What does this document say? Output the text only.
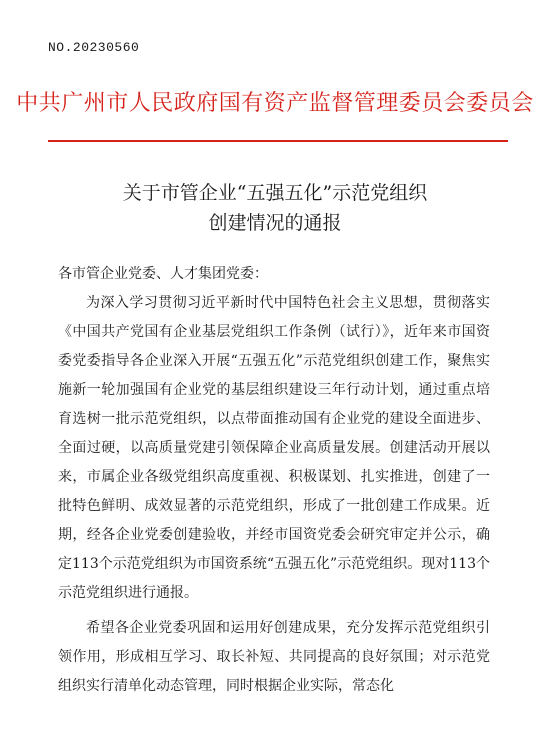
NO.20230560
中共广州市人民政府国有资产监督管理委员会委员会
关于市管企业“五强五化”示范党组织
创建情况的通报

各市管企业党委、人才集团党委：

为深入学习贯彻习近平新时代中国特色社会主义思想，贯彻落实《中国共产党国有企业基层党组织工作条例（试行）》，近年来市国资委党委指导各企业深入开展“五强五化”示范党组织创建工作，聚焦实施新一轮加强国有企业党的基层组织建设三年行动计划，通过重点培育选树一批示范党组织，以点带面推动国有企业党的建设全面进步、全面过硬，以高质量党建引领保障企业高质量发展。创建活动开展以来，市属企业各级党组织高度重视、积极谋划、扎实推进，创建了一批特色鲜明、成效显著的示范党组织，形成了一批创建工作成果。近期，经各企业党委创建验收，并经市国资党委会研究审定并公示，确定113个示范党组织为市国资系统“五强五化”示范党组织。现对113个示范党组织进行通报。

希望各企业党委巩固和运用好创建成果，充分发挥示范党组织引领作用，形成相互学习、取长补短、共同提高的良好氛围；对示范党组织实行清单化动态管理，同时根据企业实际，常态化
